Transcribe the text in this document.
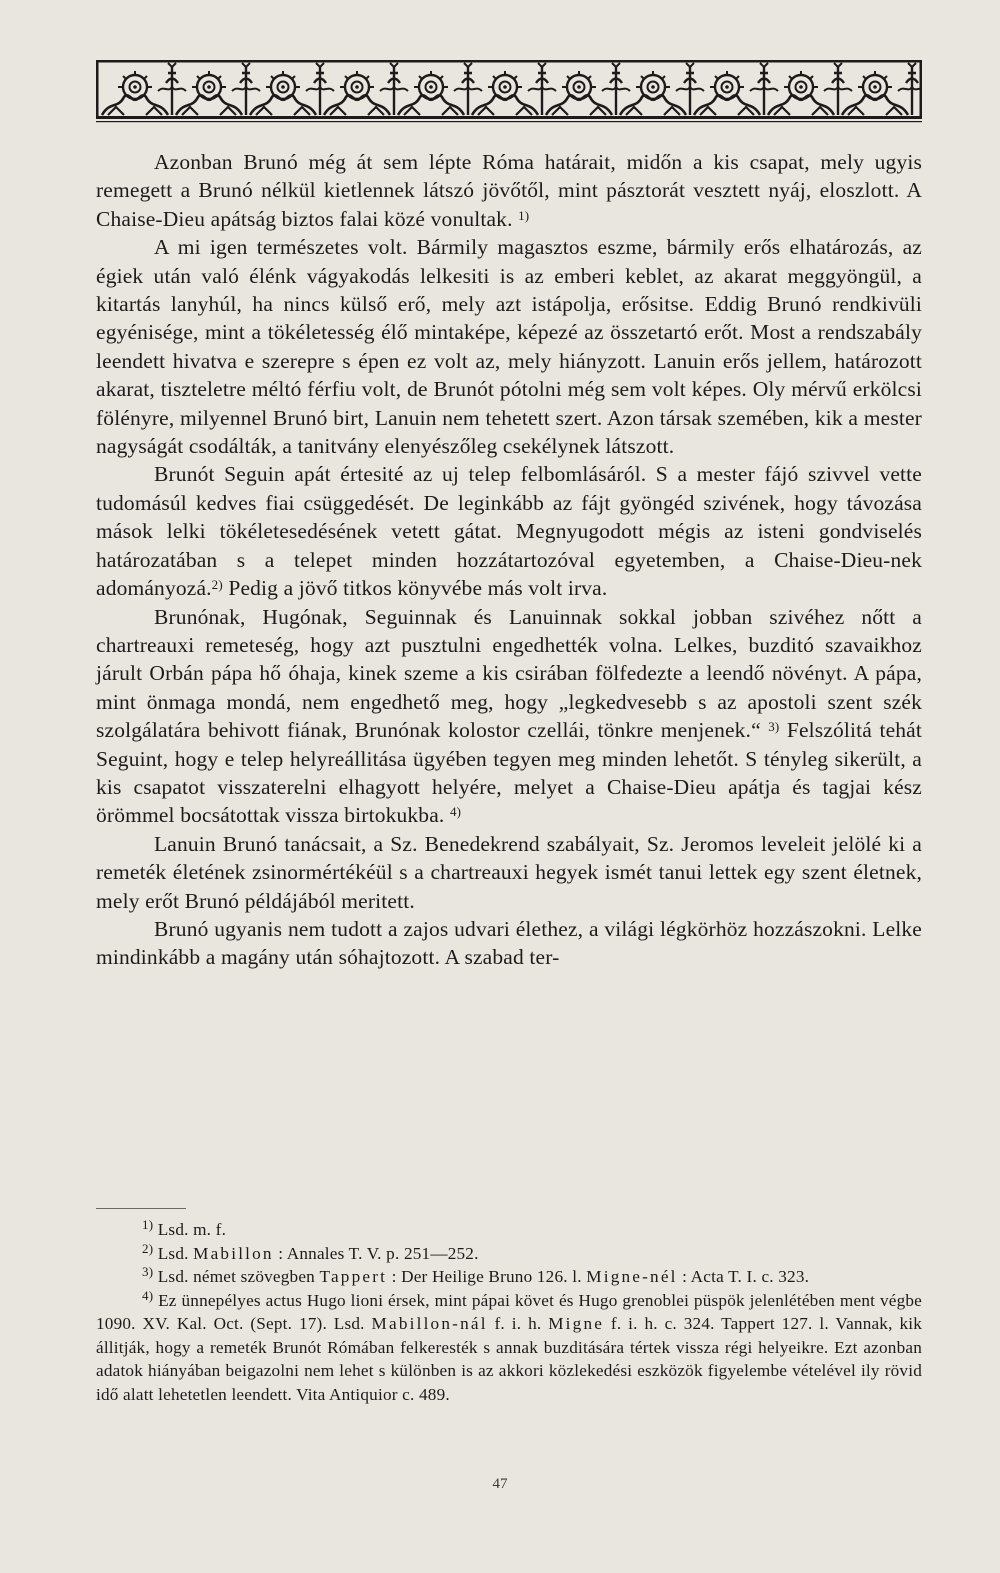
Azonban Brunó még át sem lépte Róma határait, midőn a kis csapat, mely ugyis remegett a Brunó nélkül kietlennek látszó jövőtől, mint pásztorát vesztett nyáj, eloszlott. A Chaise-Dieu apátság biztos falai közé vonultak. $^{1)}$

A mi igen természetes volt. Bármily magasztos eszme, bármily erős elhatározás, az égiek után való élénk vágyakodás lelkesiti is az emberi keblet, az akarat meggyöngül, a kitartás lanyhúl, ha nincs külső erő, mely azt istápolja, erősitse. Eddig Brunó rendkivüli egyénisége, mint a tökéletesség élő mintaképe, képezé az összetartó erőt. Most a rendszabály leendett hivatva e szerepre s épen ez volt az, mely hiányzott. Lanuin erős jellem, határozott akarat, tiszteletre méltó férfiu volt, de Brunót pótolni még sem volt képes. Oly mérvű erkölcsi fölényre, milyennel Brunó birt, Lanuin nem tehetett szert. Azon társak szemében, kik a mester nagyságát csodálták, a tanitvány elenyészőleg csekélynek látszott.

Brunót Seguin apát értesité az uj telep felbomlásáról. S a mester fájó szivvel vette tudomásúl kedves fiai csüggedését. De leginkább az fájt gyöngéd szivének, hogy távozása mások lelki tökéletesedésének vetett gátat. Megnyugodott mégis az isteni gondviselés határozatában s a telepet minden hozzátartozóval egyetemben, a Chaise-Dieu-nek adományozá.$^{2)}$ Pedig a jövő titkos könyvébe más volt irva.

Brunónak, Hugónak, Seguinnak és Lanuinnak sokkal jobban szivéhez nőtt a chartreauxi remeteség, hogy azt pusztulni engedhették volna. Lelkes, buzditó szavaikhoz járult Orbán pápa hő óhaja, kinek szeme a kis csirában fölfedezte a leendő növényt. A pápa, mint önmaga mondá, nem engedhető meg, hogy „legkedvesebb s az apostoli szent szék szolgálatára behivott fiának, Brunónak kolostor czellái, tönkre menjenek.“ $^{3)}$ Felszólitá tehát Seguint, hogy e telep helyreállitása ügyében tegyen meg minden lehetőt. S tényleg sikerült, a kis csapatot visszaterelni elhagyott helyére, melyet a Chaise-Dieu apátja és tagjai kész örömmel bocsátottak vissza birtokukba. $^{4)}$

Lanuin Brunó tanácsait, a Sz. Benedekrend szabályait, Sz. Jeromos leveleit jelölé ki a remeték életének zsinormértékéül s a chartreauxi hegyek ismét tanui lettek egy szent életnek, mely erőt Brunó példájából meritett.

Brunó ugyanis nem tudott a zajos udvari élethez, a világi légkörhöz hozzászokni. Lelke mindinkább a magány után sóhajtozott. A szabad ter-

$^{1)}$ Lsd. m. f.

$^{2)}$ Lsd. Mabillon : Annales T. V. p. 251—252.

$^{3)}$ Lsd. német szövegben Tappert : Der Heilige Bruno 126. l. Migne-nél : Acta T. I. c. 323.

$^{4)}$ Ez ünnepélyes actus Hugo lioni érsek, mint pápai követ és Hugo grenoblei püspök jelenlétében ment végbe 1090. XV. Kal. Oct. (Sept. 17). Lsd. Mabillon-nál f. i. h. Migne f. i. h. c. 324. Tappert 127. l. Vannak, kik állitják, hogy a remeték Brunót Rómában felkeresték s annak buzditására tértek vissza régi helyeikre. Ezt azonban adatok hiányában beigazolni nem lehet s különben is az akkori közlekedési eszközök figyelembe vételével ily rövid idő alatt lehetetlen leendett. Vita Antiquior c. 489.

47
